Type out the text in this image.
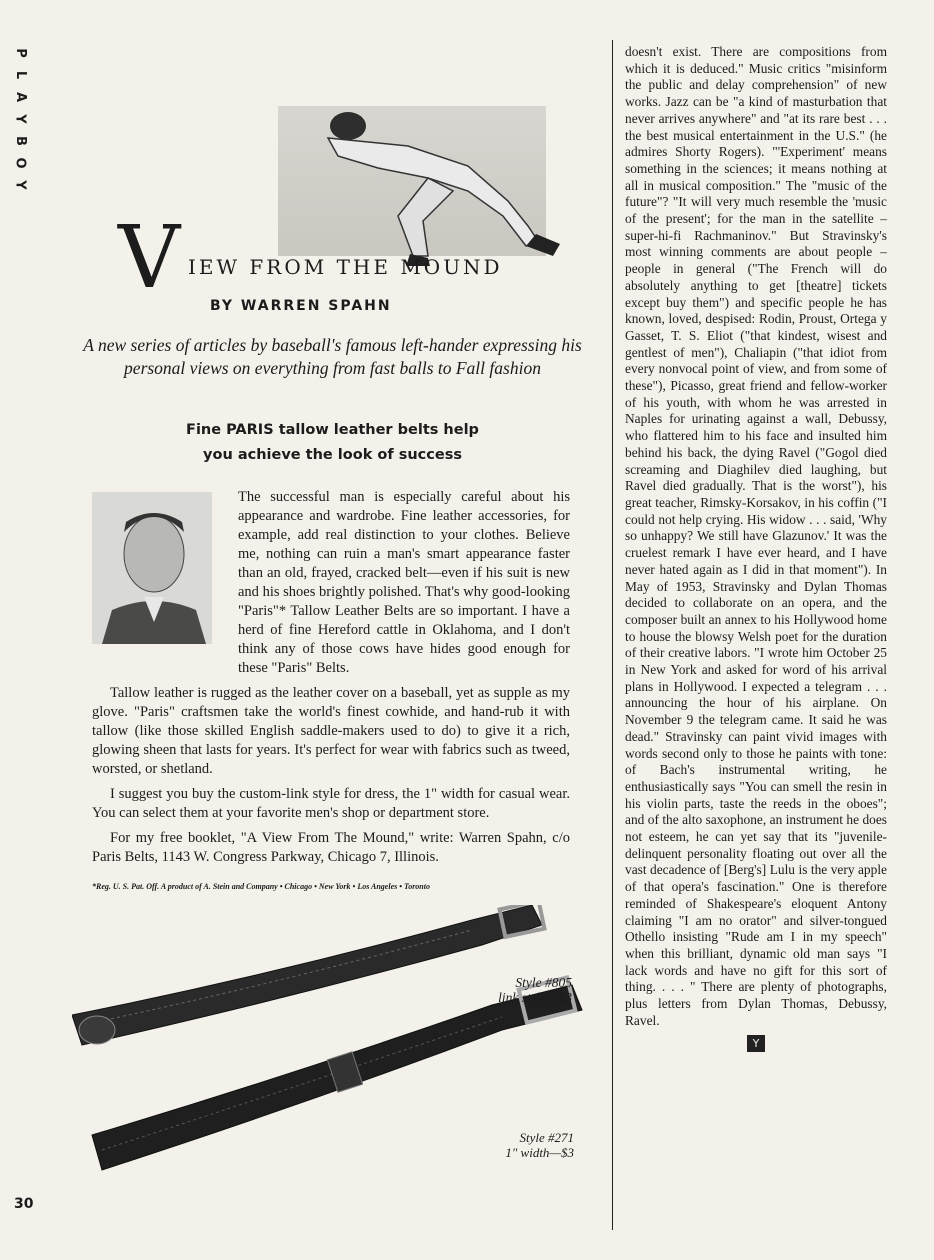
P
L
A
Y
B
O
Y
V IEW FROM THE MOUND
BY WARREN SPAHN
A new series of articles by baseball's famous left-hander expressing his personal views on everything from fast balls to Fall fashion
Fine PARIS tallow leather belts help
you achieve the look of success

The successful man is especially careful about his appearance and wardrobe. Fine leather accessories, for example, add real distinction to your clothes. Believe me, nothing can ruin a man's smart appearance faster than an old, frayed, cracked belt—even if his suit is new and his shoes brightly polished. That's why good-looking "Paris"* Tallow Leather Belts are so important. I have a herd of fine Hereford cattle in Oklahoma, and I don't think any of those cows have hides good enough for these "Paris" Belts.

Tallow leather is rugged as the leather cover on a baseball, yet as supple as my glove. "Paris" craftsmen take the world's finest cowhide, and hand-rub it with tallow (like those skilled English saddle-makers used to do) to give it a rich, glowing sheen that lasts for years. It's perfect for wear with fabrics such as tweed, worsted, or shetland.

I suggest you buy the custom-link style for dress, the 1" width for casual wear. You can select them at your favorite men's shop or department store.

For my free booklet, "A View From The Mound," write: Warren Spahn, c/o Paris Belts, 1143 W. Congress Parkway, Chicago 7, Illinois.

*Reg. U. S. Pat. Off. A product of A. Stein and Company • Chicago • New York • Los Angeles • Toronto
Style #805
link style—$3
Style #271
1" width—$3

doesn't exist. There are compositions from which it is deduced." Music critics "misinform the public and delay comprehension" of new works. Jazz can be "a kind of masturbation that never arrives anywhere" and "at its rare best . . . the best musical entertainment in the U.S." (he admires Shorty Rogers). "'Experiment' means something in the sciences; it means nothing at all in musical composition." The "music of the future"? "It will very much resemble the 'music of the present'; for the man in the satellite – super-hi-fi Rachmaninov." But Stravinsky's most winning comments are about people – people in general ("The French will do absolutely anything to get [theatre] tickets except buy them") and specific people he has known, loved, despised: Rodin, Proust, Ortega y Gasset, T. S. Eliot ("that kindest, wisest and gentlest of men"), Chaliapin ("that idiot from every nonvocal point of view, and from some of these"), Picasso, great friend and fellow-worker of his youth, with whom he was arrested in Naples for urinating against a wall, Debussy, who flattered him to his face and insulted him behind his back, the dying Ravel ("Gogol died screaming and Diaghilev died laughing, but Ravel died gradually. That is the worst"), his great teacher, Rimsky-Korsakov, in his coffin ("I could not help crying. His widow . . . said, 'Why so unhappy? We still have Glazunov.' It was the cruelest remark I have ever heard, and I have never hated again as I did in that moment"). In May of 1953, Stravinsky and Dylan Thomas decided to collaborate on an opera, and the composer built an annex to his Hollywood home to house the blowsy Welsh poet for the duration of their creative labors. "I wrote him October 25 in New York and asked for word of his arrival plans in Hollywood. I expected a telegram . . . announcing the hour of his airplane. On November 9 the telegram came. It said he was dead." Stravinsky can paint vivid images with words second only to those he paints with tone: of Bach's instrumental writing, he enthusiastically says "You can smell the resin in his violin parts, taste the reeds in the oboes"; and of the alto saxophone, an instrument he does not esteem, he can yet say that its "juvenile-delinquent personality floating out over all the vast decadence of [Berg's] Lulu is the very apple of that opera's fascination." One is therefore reminded of Shakespeare's eloquent Antony claiming "I am no orator" and silver-tongued Othello insisting "Rude am I in my speech" when this brilliant, dynamic old man says "I lack words and have no gift for this sort of thing. . . . " There are plenty of photographs, plus letters from Dylan Thomas, Debussy, Ravel.

Y
30
